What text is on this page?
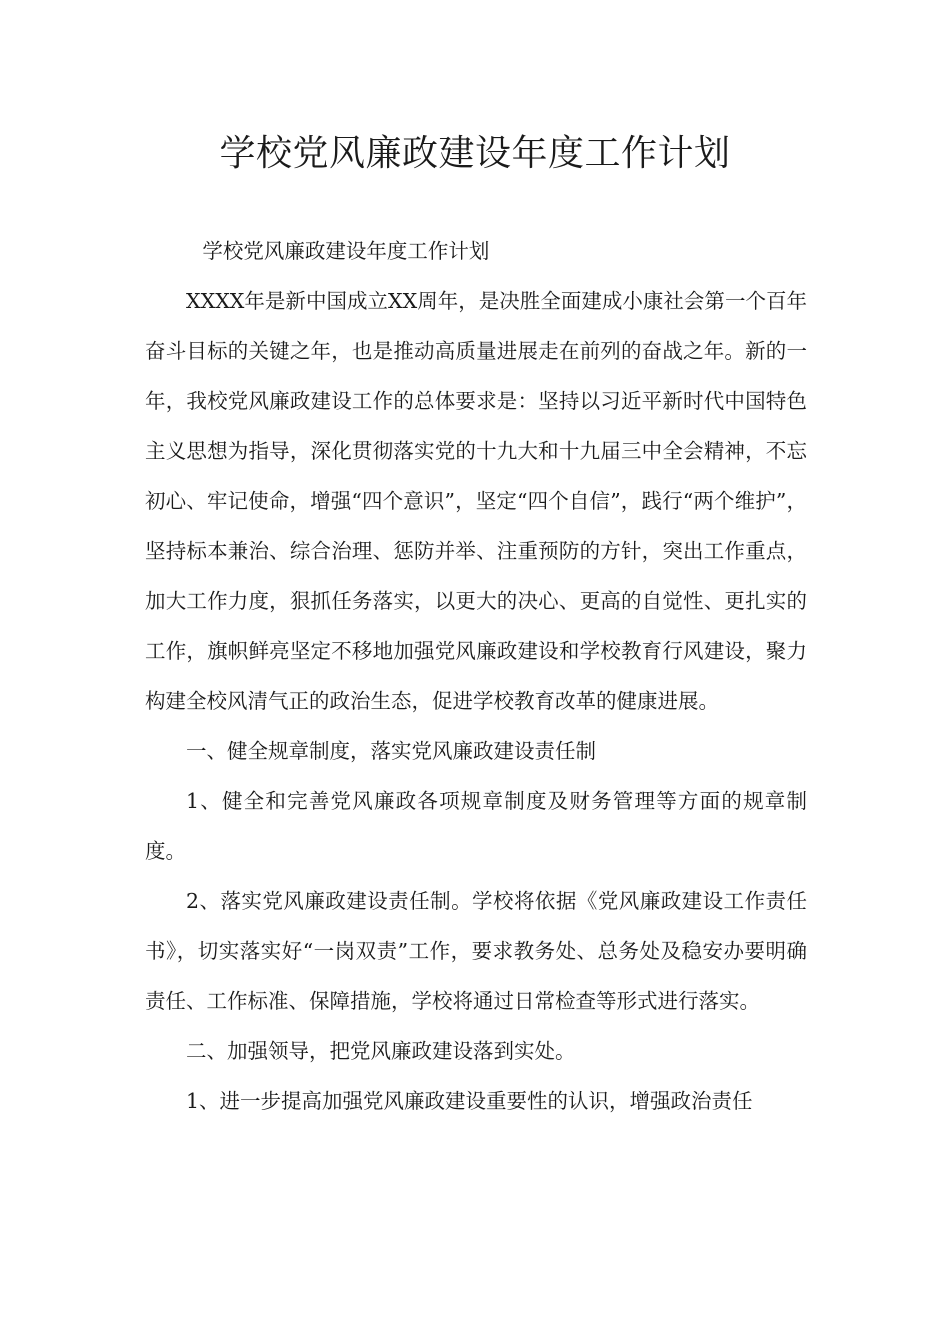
学校党风廉政建设年度工作计划

学校党风廉政建设年度工作计划

XXXX年是新中国成立XX周年，是决胜全面建成小康社会第一个百年奋斗目标的关键之年，也是推动高质量进展走在前列的奋战之年。新的一年，我校党风廉政建设工作的总体要求是：坚持以习近平新时代中国特色主义思想为指导，深化贯彻落实党的十九大和十九届三中全会精神，不忘初心、牢记使命，增强“四个意识”，坚定“四个自信”，践行“两个维护”，坚持标本兼治、综合治理、惩防并举、注重预防的方针，突出工作重点，加大工作力度，狠抓任务落实，以更大的决心、更高的自觉性、更扎实的工作，旗帜鲜亮坚定不移地加强党风廉政建设和学校教育行风建设，聚力构建全校风清气正的政治生态，促进学校教育改革的健康进展。

一、健全规章制度，落实党风廉政建设责任制

1、健全和完善党风廉政各项规章制度及财务管理等方面的规章制度。

2、落实党风廉政建设责任制。学校将依据《党风廉政建设工作责任书》，切实落实好“一岗双责”工作，要求教务处、总务处及稳安办要明确责任、工作标准、保障措施，学校将通过日常检查等形式进行落实。

二、加强领导，把党风廉政建设落到实处。

1、进一步提高加强党风廉政建设重要性的认识，增强政治责任
